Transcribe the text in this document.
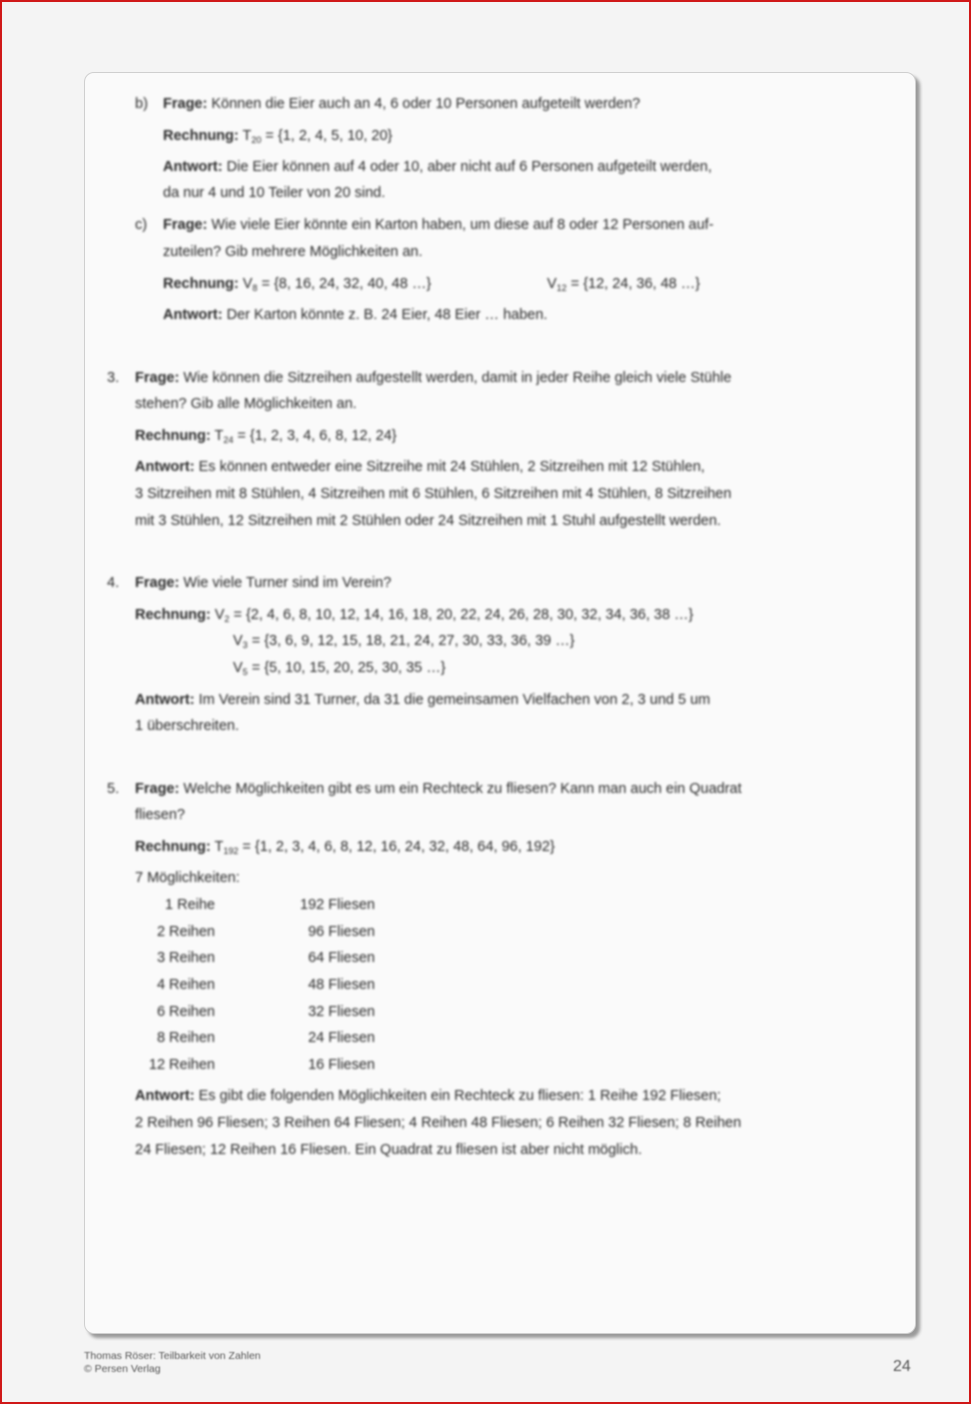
b) Frage: Können die Eier auch an 4, 6 oder 10 Personen aufgeteilt werden?
Rechnung: $T_{20} = \{1$, 2, 4, 5, 10, 20}
Antwort: Die Eier können auf 4 oder 10, aber nicht auf 6 Personen aufgeteilt werden,
da nur 4 und 10 Teiler von 20 sind.
c) Frage: Wie viele Eier könnte ein Karton haben, um diese auf 8 oder 12 Personen auf-
zuteilen? Gib mehrere Möglichkeiten an.
Rechnung: $V_8 = \{8$, 16, 24, 32, 40, 48 …}	$V_{12} = \{12$, 24, 36, 48 …}
Antwort: Der Karton könnte z. B. 24 Eier, 48 Eier … haben.
3. Frage: Wie können die Sitzreihen aufgestellt werden, damit in jeder Reihe gleich viele Stühle
stehen? Gib alle Möglichkeiten an.
Rechnung: $T_{24} = \{1$, 2, 3, 4, 6, 8, 12, 24}
Antwort: Es können entweder eine Sitzreihe mit 24 Stühlen, 2 Sitzreihen mit 12 Stühlen,
3 Sitzreihen mit 8 Stühlen, 4 Sitzreihen mit 6 Stühlen, 6 Sitzreihen mit 4 Stühlen, 8 Sitzreihen
mit 3 Stühlen, 12 Sitzreihen mit 2 Stühlen oder 24 Sitzreihen mit 1 Stuhl aufgestellt werden.
4. Frage: Wie viele Turner sind im Verein?
Rechnung: $V_2 = \{2$, 4, 6, 8, 10, 12, 14, 16, 18, 20, 22, 24, 26, 28, 30, 32, 34, 36, 38 …}
$V_3 = \{3$, 6, 9, 12, 15, 18, 21, 24, 27, 30, 33, 36, 39 …}
$V_5 = \{5$, 10, 15, 20, 25, 30, 35 …}
Antwort: Im Verein sind 31 Turner, da 31 die gemeinsamen Vielfachen von 2, 3 und 5 um
1 überschreiten.
5. Frage: Welche Möglichkeiten gibt es um ein Rechteck zu fliesen? Kann man auch ein Quadrat
fliesen?
Rechnung: $T_{192} = \{1$, 2, 3, 4, 6, 8, 12, 16, 24, 32, 48, 64, 96, 192}
7 Möglichkeiten:
1 Reihe	192 Fliesen
2 Reihen	96 Fliesen
3 Reihen	64 Fliesen
4 Reihen	48 Fliesen
6 Reihen	32 Fliesen
8 Reihen	24 Fliesen
12 Reihen	16 Fliesen
Antwort: Es gibt die folgenden Möglichkeiten ein Rechteck zu fliesen: 1 Reihe 192 Fliesen;
2 Reihen 96 Fliesen; 3 Reihen 64 Fliesen; 4 Reihen 48 Fliesen; 6 Reihen 32 Fliesen; 8 Reihen
24 Fliesen; 12 Reihen 16 Fliesen. Ein Quadrat zu fliesen ist aber nicht möglich.
Thomas Röser: Teilbarkeit von Zahlen
© Persen Verlag	24
